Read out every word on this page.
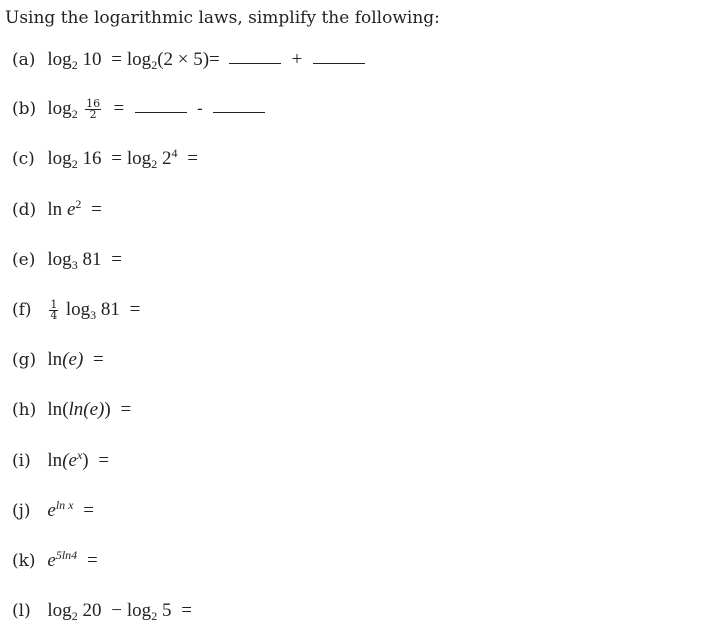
Using the logarithmic laws, simplify the following:
(a) $\log_2 10 = \log_2(2 \times 5)=$	+
(b) $\log_2 \frac{16}{2}$ =	-
(c) $\log_2 16 = \log_2 2^4$ =
(d) $\ln e^2$ =
(e) $\log_3 81$ =
$(f) \frac{1}{4} \log_3 81$ =
(g) ln(e) =
(h) ln(ln(e)) =
(i) $\ln(e^x)$ =
(j) $e^{ln x}$ =
(k) $e^{5ln4}$ =
(l) $\log_2 20 - \log_2 5$ =
